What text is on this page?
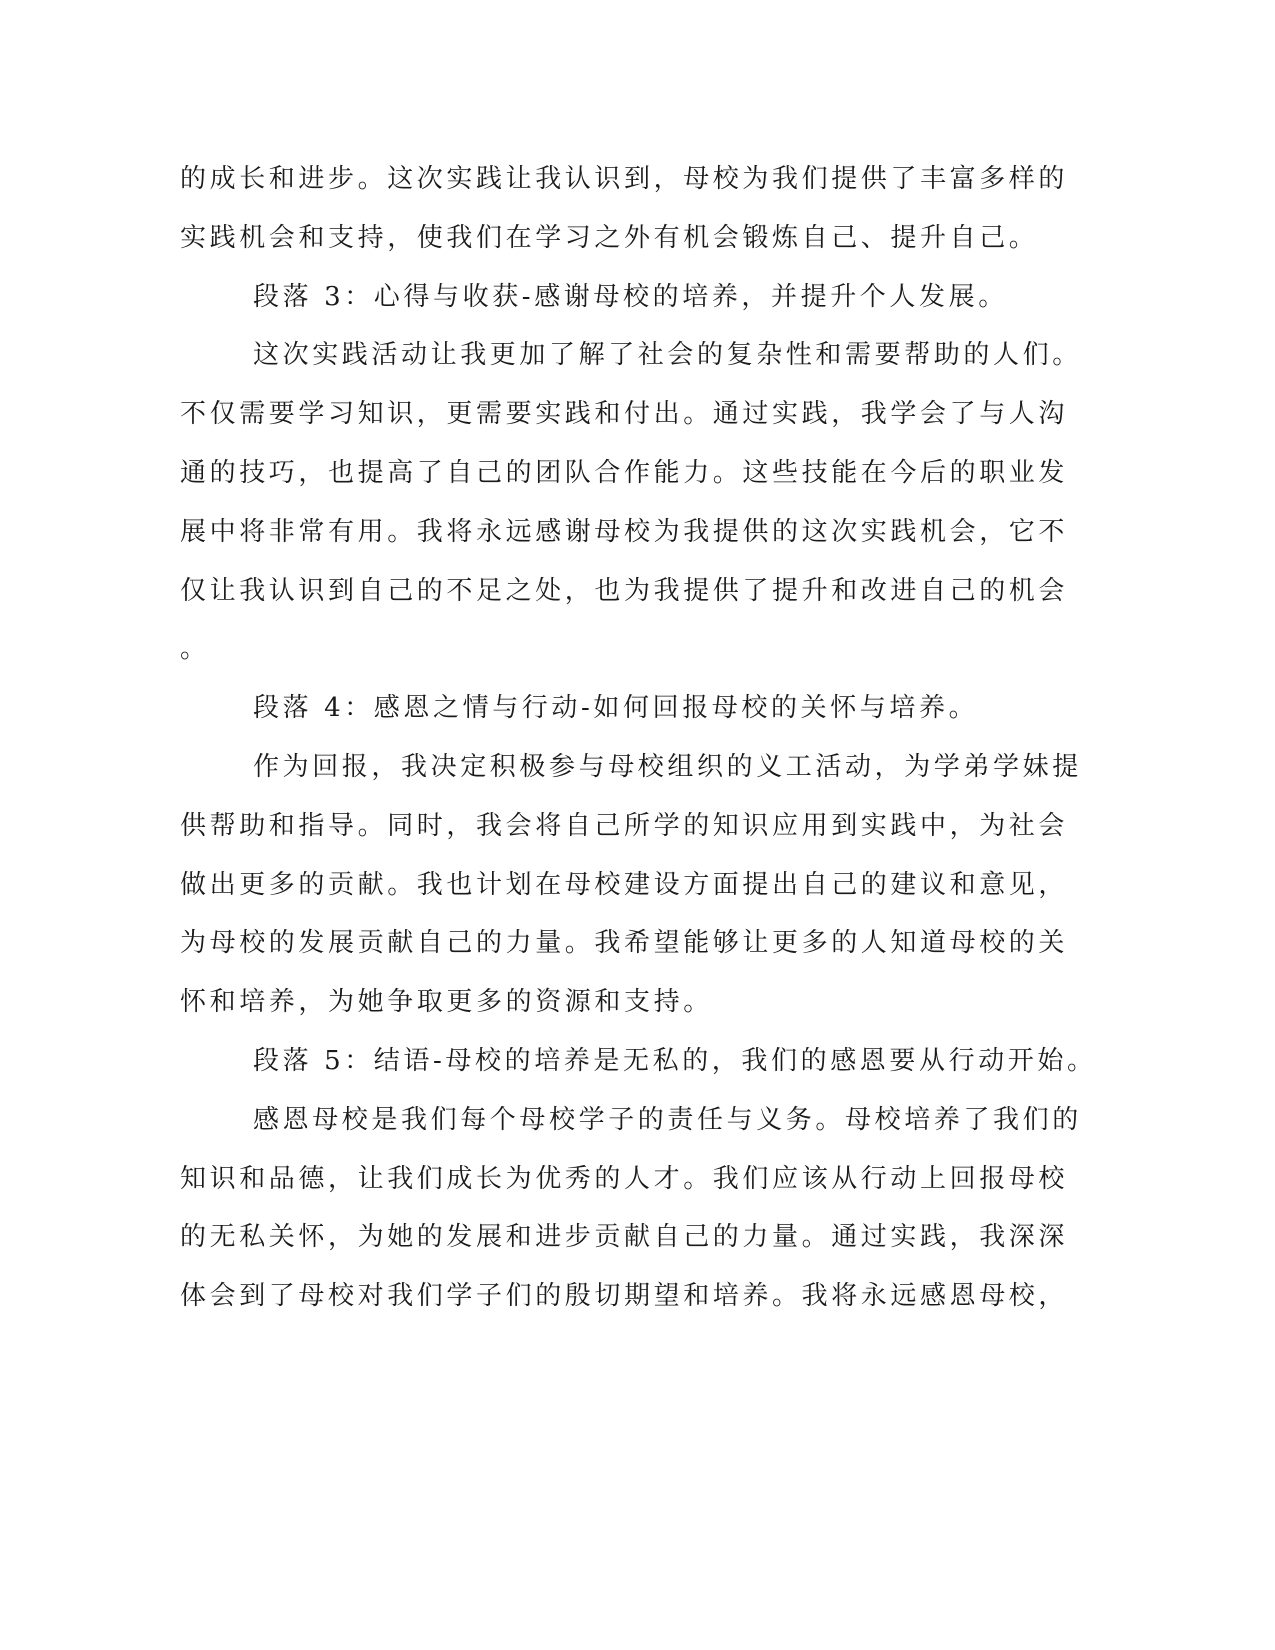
的成长和进步。这次实践让我认识到，母校为我们提供了丰富多样的
实践机会和支持，使我们在学习之外有机会锻炼自己、提升自己。
段落 3：心得与收获-感谢母校的培养，并提升个人发展。
这次实践活动让我更加了解了社会的复杂性和需要帮助的人们。
不仅需要学习知识，更需要实践和付出。通过实践，我学会了与人沟
通的技巧，也提高了自己的团队合作能力。这些技能在今后的职业发
展中将非常有用。我将永远感谢母校为我提供的这次实践机会，它不
仅让我认识到自己的不足之处，也为我提供了提升和改进自己的机会
。
段落 4：感恩之情与行动-如何回报母校的关怀与培养。
作为回报，我决定积极参与母校组织的义工活动，为学弟学妹提
供帮助和指导。同时，我会将自己所学的知识应用到实践中，为社会
做出更多的贡献。我也计划在母校建设方面提出自己的建议和意见，
为母校的发展贡献自己的力量。我希望能够让更多的人知道母校的关
怀和培养，为她争取更多的资源和支持。
段落 5：结语-母校的培养是无私的，我们的感恩要从行动开始。
感恩母校是我们每个母校学子的责任与义务。母校培养了我们的
知识和品德，让我们成长为优秀的人才。我们应该从行动上回报母校
的无私关怀，为她的发展和进步贡献自己的力量。通过实践，我深深
体会到了母校对我们学子们的殷切期望和培养。我将永远感恩母校，
